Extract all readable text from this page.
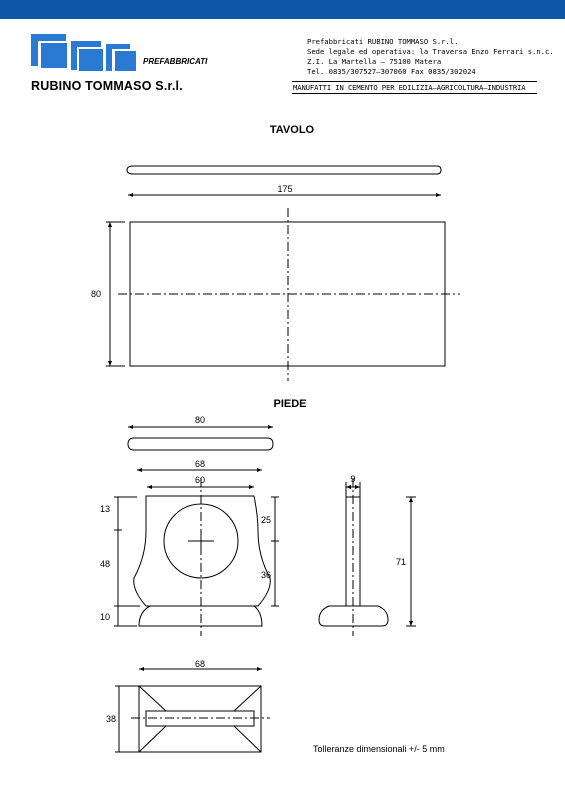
PREFABBRICATI
RUBINO TOMMASO S.r.l.
Prefabbricati RUBINO TOMMASO S.r.l.
Sede legale ed operativa: la Traversa Enzo Ferrari s.n.c.
Z.I. La Martella — 75100 Matera
Tel. 0835/307527—307060 Fax 0835/302024
MANUFATTI IN CEMENTO PER EDILIZIA—AGRICOLTURA—INDUSTRIA
TAVOLO
175
80
PIEDE
80
68
60
13
48
10
25
36
9
71
68
38
Tolleranze dimensionali +/- 5 mm
